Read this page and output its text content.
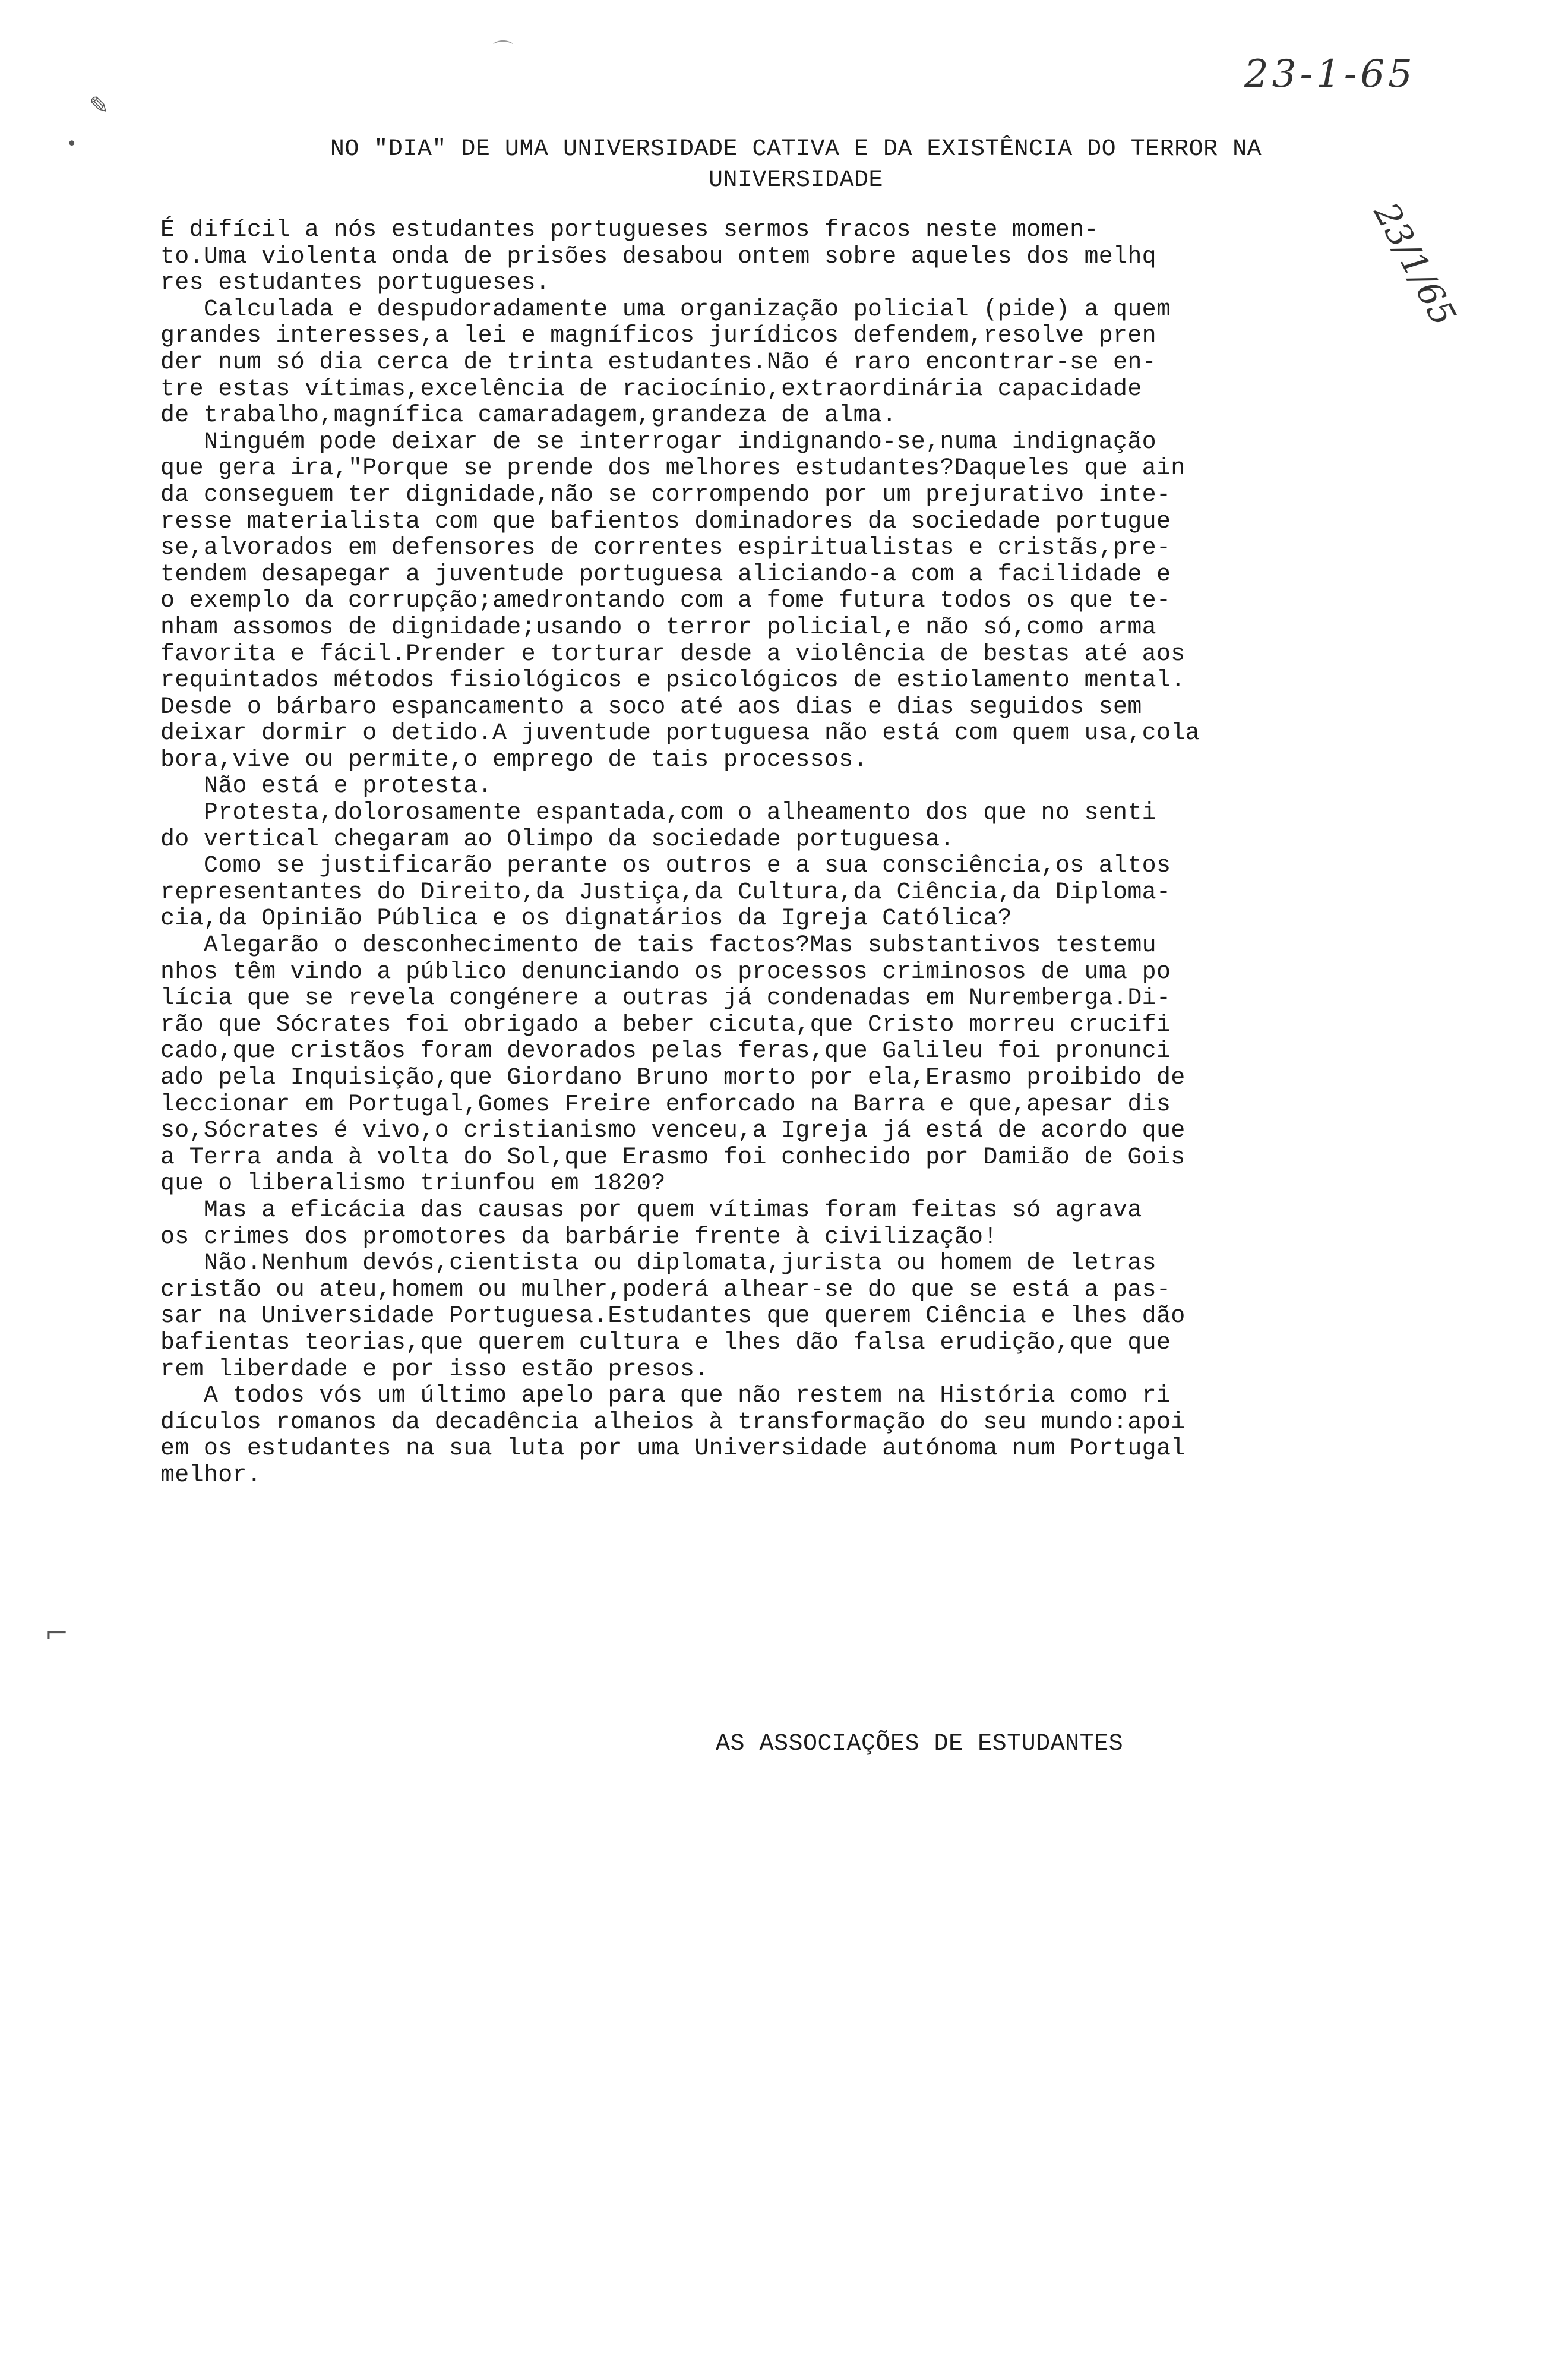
⌒
✎
•
⌐
23-1-65
23/1/65
NO "DIA" DE UMA UNIVERSIDADE CATIVA E DA EXISTÊNCIA DO TERROR NA
UNIVERSIDADE
É difícil a nós estudantes portugueses sermos fracos neste momen-
to.Uma violenta onda de prisões desabou ontem sobre aqueles dos melhq
res estudantes portugueses.
Calculada e despudoradamente uma organização policial (pide) a quem
grandes interesses,a lei e magníficos jurídicos defendem,resolve pren
der num só dia cerca de trinta estudantes.Não é raro encontrar-se en-
tre estas vítimas,excelência de raciocínio,extraordinária capacidade
de trabalho,magnífica camaradagem,grandeza de alma.
Ninguém pode deixar de se interrogar indignando-se,numa indignação
que gera ira,"Porque se prende dos melhores estudantes?Daqueles que ain
da conseguem ter dignidade,não se corrompendo por um prejurativo inte-
resse materialista com que bafientos dominadores da sociedade portugue
se,alvorados em defensores de correntes espiritualistas e cristãs,pre-
tendem desapegar a juventude portuguesa aliciando-a com a facilidade e
o exemplo da corrupção;amedrontando com a fome futura todos os que te-
nham assomos de dignidade;usando o terror policial,e não só,como arma
favorita e fácil.Prender e torturar desde a violência de bestas até aos
requintados métodos fisiológicos e psicológicos de estiolamento mental.
Desde o bárbaro espancamento a soco até aos dias e dias seguidos sem
deixar dormir o detido.A juventude portuguesa não está com quem usa,cola
bora,vive ou permite,o emprego de tais processos.
Não está e protesta.
Protesta,dolorosamente espantada,com o alheamento dos que no senti
do vertical chegaram ao Olimpo da sociedade portuguesa.
Como se justificarão perante os outros e a sua consciência,os altos
representantes do Direito,da Justiça,da Cultura,da Ciência,da Diploma-
cia,da Opinião Pública e os dignatários da Igreja Católica?
Alegarão o desconhecimento de tais factos?Mas substantivos testemu
nhos têm vindo a público denunciando os processos criminosos de uma po
lícia que se revela congénere a outras já condenadas em Nuremberga.Di-
rão que Sócrates foi obrigado a beber cicuta,que Cristo morreu crucifi
cado,que cristãos foram devorados pelas feras,que Galileu foi pronunci
ado pela Inquisição,que Giordano Bruno morto por ela,Erasmo proibido de
leccionar em Portugal,Gomes Freire enforcado na Barra e que,apesar dis
so,Sócrates é vivo,o cristianismo venceu,a Igreja já está de acordo que
a Terra anda à volta do Sol,que Erasmo foi conhecido por Damião de Gois
que o liberalismo triunfou em 1820?
Mas a eficácia das causas por quem vítimas foram feitas só agrava
os crimes dos promotores da barbárie frente à civilização!
Não.Nenhum devós,cientista ou diplomata,jurista ou homem de letras
cristão ou ateu,homem ou mulher,poderá alhear-se do que se está a pas-
sar na Universidade Portuguesa.Estudantes que querem Ciência e lhes dão
bafientas teorias,que querem cultura e lhes dão falsa erudição,que que
rem liberdade e por isso estão presos.
A todos vós um último apelo para que não restem na História como ri
dículos romanos da decadência alheios à transformação do seu mundo:apoi
em os estudantes na sua luta por uma Universidade autónoma num Portugal
melhor.
AS ASSOCIAÇÕES DE ESTUDANTES
